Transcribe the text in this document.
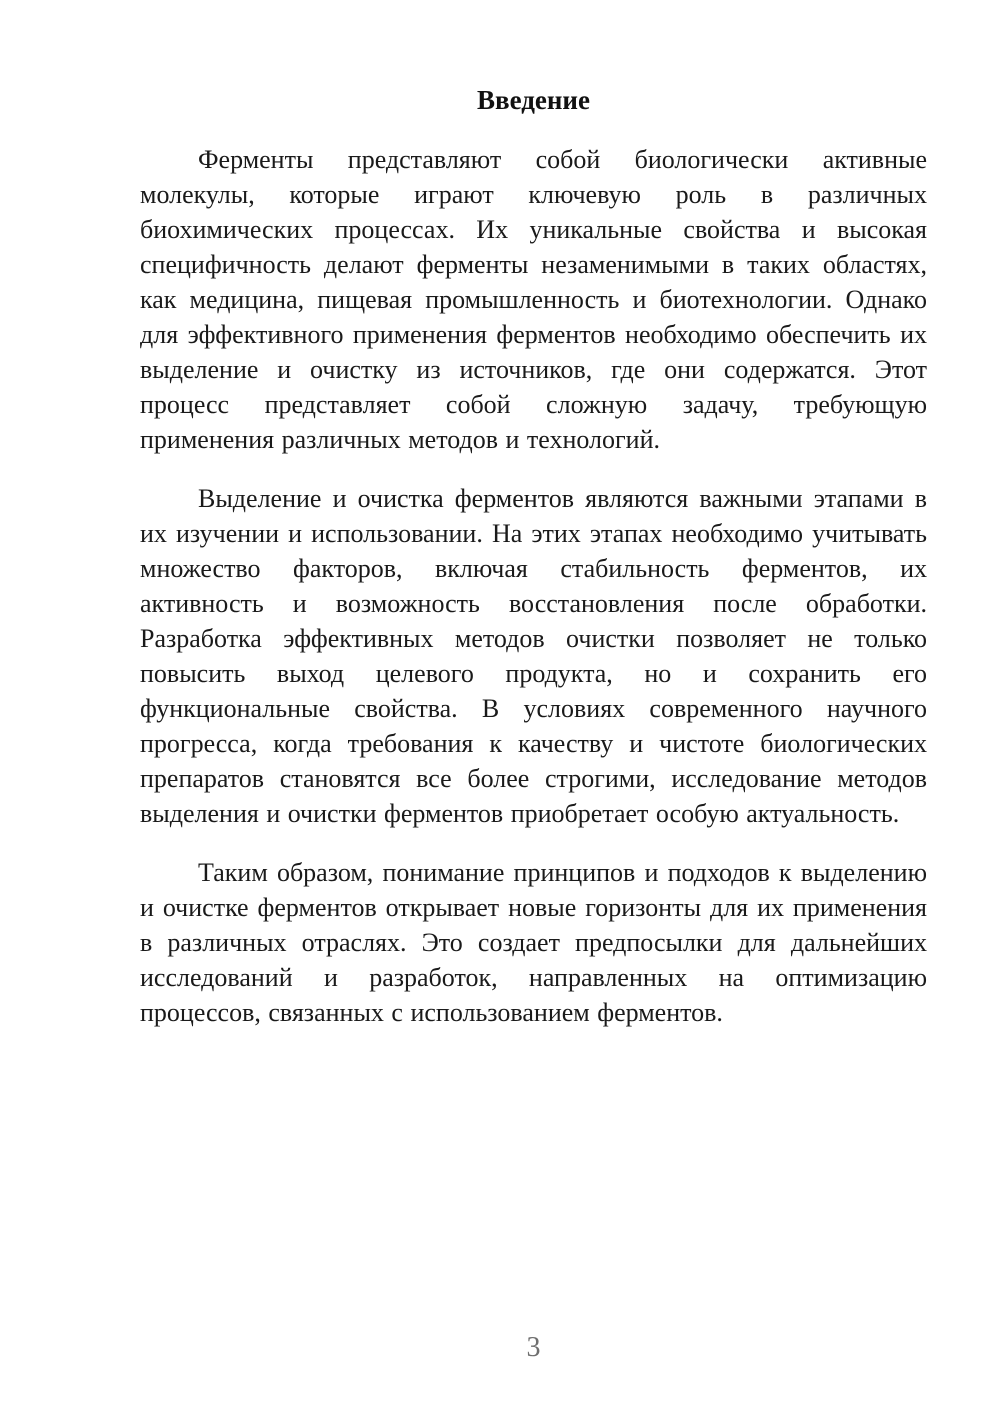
Введение

Ферменты представляют собой биологически активные молекулы, которые играют ключевую роль в различных биохимических процессах. Их уникальные свойства и высокая специфичность делают ферменты незаменимыми в таких областях, как медицина, пищевая промышленность и биотехнологии. Однако для эффективного применения ферментов необходимо обеспечить их выделение и очистку из источников, где они содержатся. Этот процесс представляет собой сложную задачу, требующую применения различных методов и технологий.

Выделение и очистка ферментов являются важными этапами в их изучении и использовании. На этих этапах необходимо учитывать множество факторов, включая стабильность ферментов, их активность и возможность восстановления после обработки. Разработка эффективных методов очистки позволяет не только повысить выход целевого продукта, но и сохранить его функциональные свойства. В условиях современного научного прогресса, когда требования к качеству и чистоте биологических препаратов становятся все более строгими, исследование методов выделения и очистки ферментов приобретает особую актуальность.

Таким образом, понимание принципов и подходов к выделению и очистке ферментов открывает новые горизонты для их применения в различных отраслях. Это создает предпосылки для дальнейших исследований и разработок, направленных на оптимизацию процессов, связанных с использованием ферментов.

3
